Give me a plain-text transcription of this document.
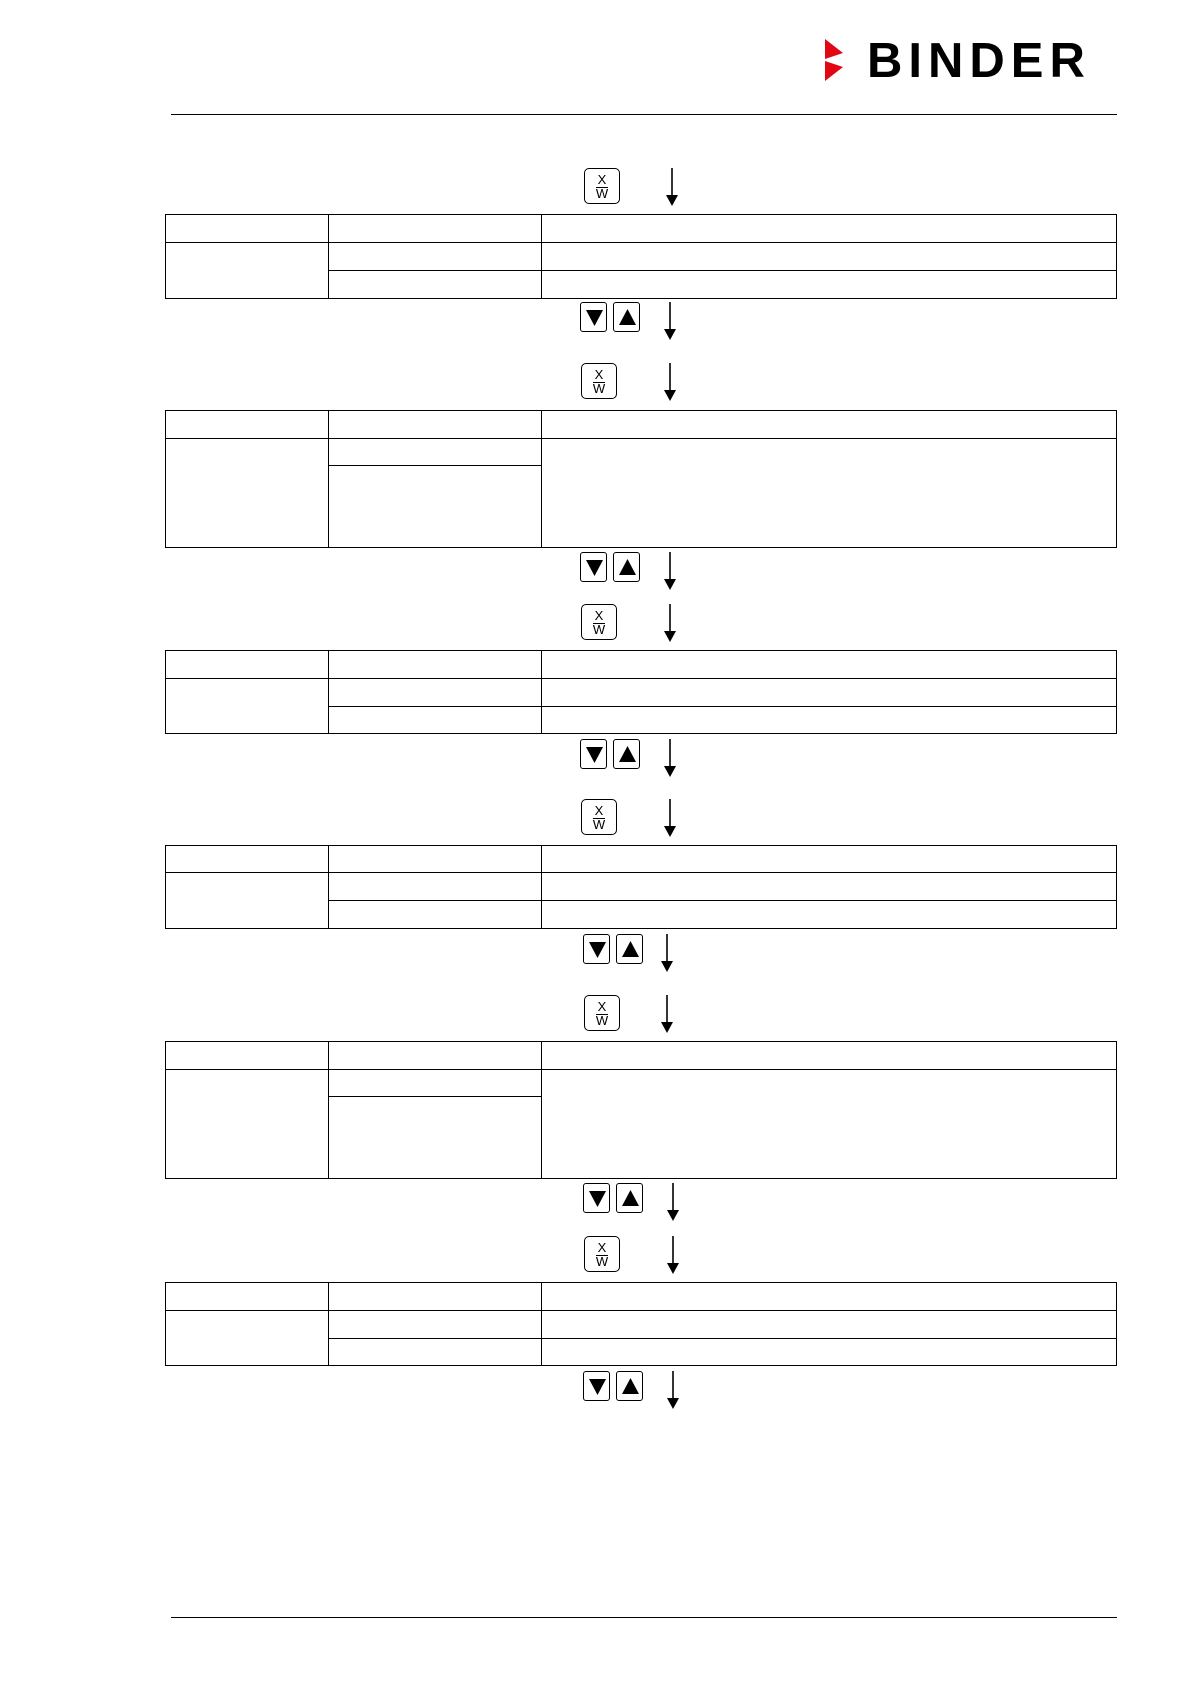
BINDER
X
W

X
W

X
W

X
W

X
W

X
W
